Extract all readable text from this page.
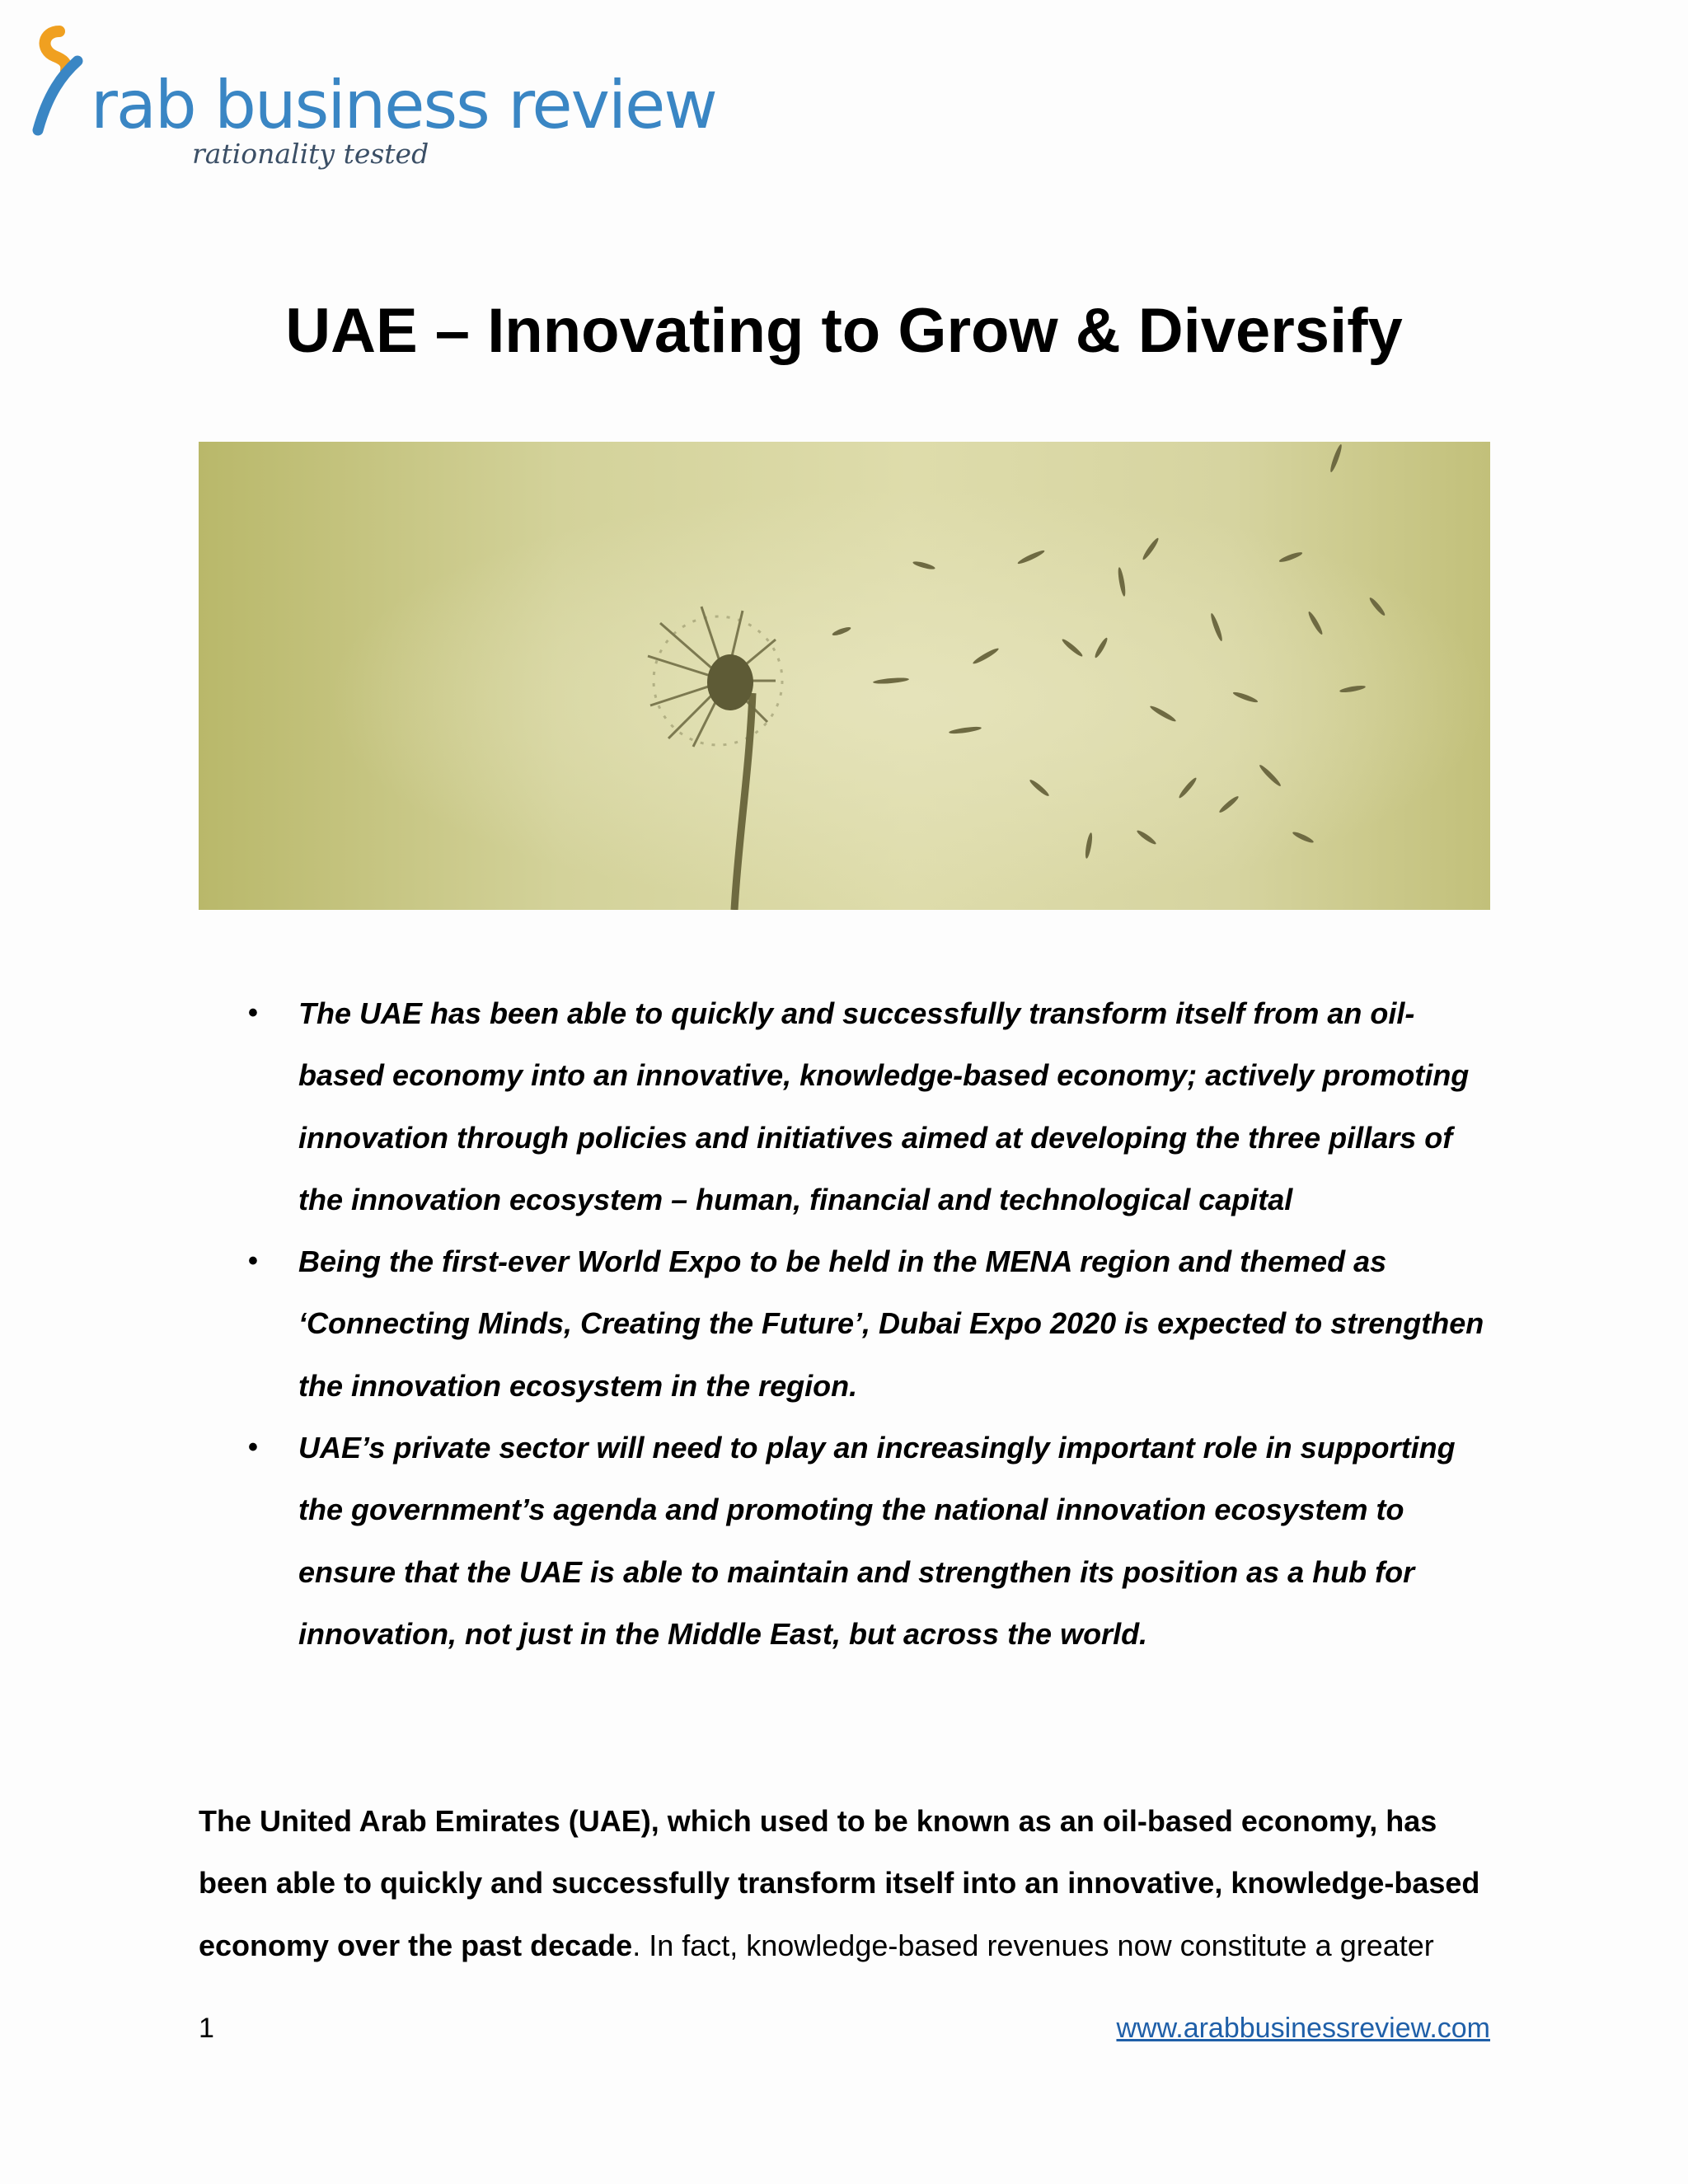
rab business review
rationality tested
UAE – Innovating to Grow & Diversify
• The UAE has been able to quickly and successfully transform itself from an oil-based economy into an innovative, knowledge-based economy; actively promoting innovation through policies and initiatives aimed at developing the three pillars of the innovation ecosystem – human, financial and technological capital
• Being the first-ever World Expo to be held in the MENA region and themed as ‘Connecting Minds, Creating the Future’, Dubai Expo 2020 is expected to strengthen the innovation ecosystem in the region.
• UAE’s private sector will need to play an increasingly important role in supporting the government’s agenda and promoting the national innovation ecosystem to ensure that the UAE is able to maintain and strengthen its position as a hub for innovation, not just in the Middle East, but across the world.

The United Arab Emirates (UAE), which used to be known as an oil-based economy, has been able to quickly and successfully transform itself into an innovative, knowledge-based economy over the past decade. In fact, knowledge-based revenues now constitute a greater

1	www.arabbusinessreview.com
